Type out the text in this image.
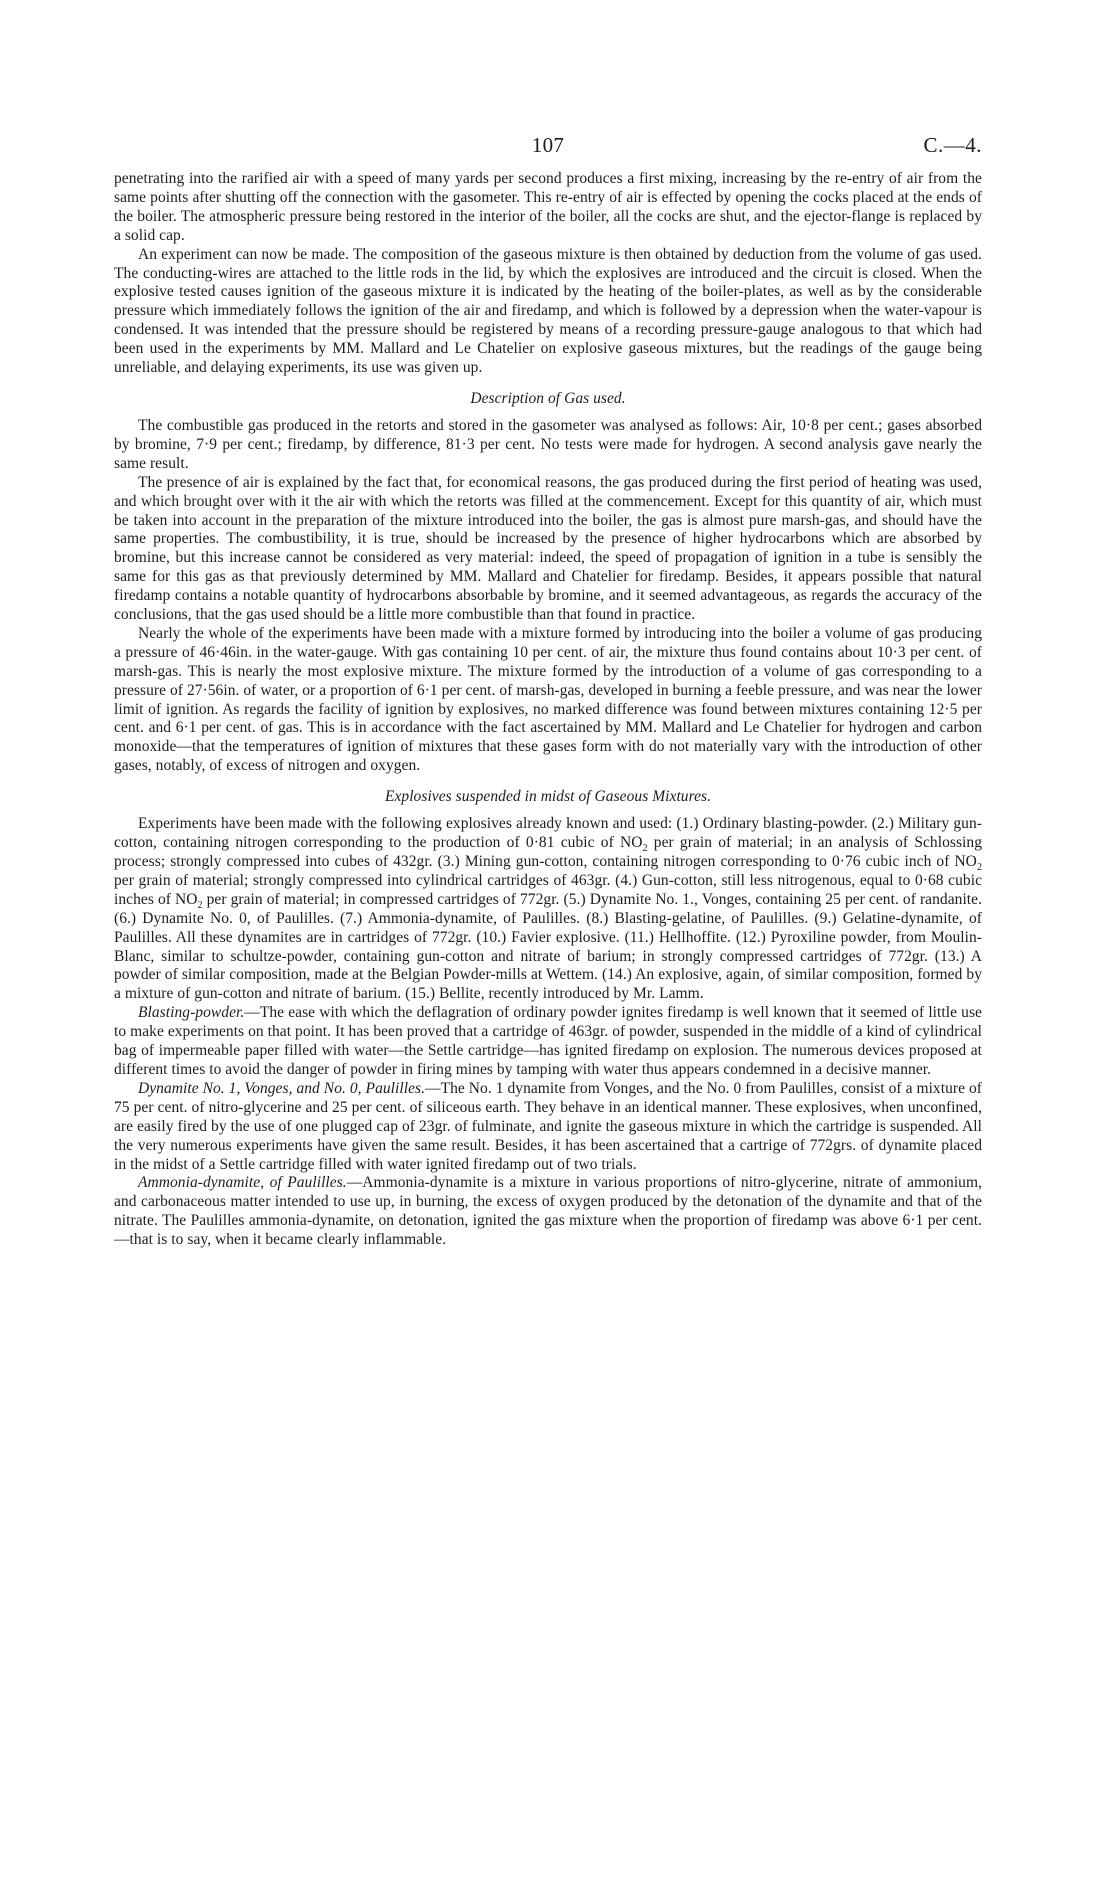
107	C.—4.

penetrating into the rarified air with a speed of many yards per second produces a first mixing, increasing by the re-entry of air from the same points after shutting off the connection with the gasometer. This re-entry of air is effected by opening the cocks placed at the ends of the boiler. The atmospheric pressure being restored in the interior of the boiler, all the cocks are shut, and the ejector-flange is replaced by a solid cap.

An experiment can now be made. The composition of the gaseous mixture is then obtained by deduction from the volume of gas used. The conducting-wires are attached to the little rods in the lid, by which the explosives are introduced and the circuit is closed. When the explosive tested causes ignition of the gaseous mixture it is indicated by the heating of the boiler-plates, as well as by the considerable pressure which immediately follows the ignition of the air and firedamp, and which is followed by a depression when the water-vapour is condensed. It was intended that the pressure should be registered by means of a recording pressure-gauge analogous to that which had been used in the experiments by MM. Mallard and Le Chatelier on explosive gaseous mixtures, but the readings of the gauge being unreliable, and delaying experiments, its use was given up.

Description of Gas used.

The combustible gas produced in the retorts and stored in the gasometer was analysed as follows: Air, 10·8 per cent.; gases absorbed by bromine, 7·9 per cent.; firedamp, by difference, 81·3 per cent. No tests were made for hydrogen. A second analysis gave nearly the same result.

The presence of air is explained by the fact that, for economical reasons, the gas produced during the first period of heating was used, and which brought over with it the air with which the retorts was filled at the commencement. Except for this quantity of air, which must be taken into account in the preparation of the mixture introduced into the boiler, the gas is almost pure marsh-gas, and should have the same properties. The combustibility, it is true, should be increased by the presence of higher hydrocarbons which are absorbed by bromine, but this increase cannot be considered as very material: indeed, the speed of propagation of ignition in a tube is sensibly the same for this gas as that previously determined by MM. Mallard and Chatelier for firedamp. Besides, it appears possible that natural firedamp contains a notable quantity of hydrocarbons absorbable by bromine, and it seemed advantageous, as regards the accuracy of the conclusions, that the gas used should be a little more combustible than that found in practice.

Nearly the whole of the experiments have been made with a mixture formed by introducing into the boiler a volume of gas producing a pressure of 46·46in. in the water-gauge. With gas containing 10 per cent. of air, the mixture thus found contains about 10·3 per cent. of marsh-gas. This is nearly the most explosive mixture. The mixture formed by the introduction of a volume of gas corresponding to a pressure of 27·56in. of water, or a proportion of 6·1 per cent. of marsh-gas, developed in burning a feeble pressure, and was near the lower limit of ignition. As regards the facility of ignition by explosives, no marked difference was found between mixtures containing 12·5 per cent. and 6·1 per cent. of gas. This is in accordance with the fact ascertained by MM. Mallard and Le Chatelier for hydrogen and carbon monoxide—that the temperatures of ignition of mixtures that these gases form with do not materially vary with the introduction of other gases, notably, of excess of nitrogen and oxygen.

Explosives suspended in midst of Gaseous Mixtures.

Experiments have been made with the following explosives already known and used: (1.) Ordinary blasting-powder. (2.) Military gun-cotton, containing nitrogen corresponding to the production of 0·81 cubic of $NO_2$ per grain of material; in an analysis of Schlossing process; strongly compressed into cubes of 432gr. (3.) Mining gun-cotton, containing nitrogen corresponding to 0·76 cubic inch of $NO_2$ per grain of material; strongly compressed into cylindrical cartridges of 463gr. (4.) Gun-cotton, still less nitrogenous, equal to 0·68 cubic inches of $NO_2$ per grain of material; in compressed cartridges of 772gr. (5.) Dynamite No. 1., Vonges, containing 25 per cent. of randanite. (6.) Dynamite No. 0, of Paulilles. (7.) Ammonia-dynamite, of Paulilles. (8.) Blasting-gelatine, of Paulilles. (9.) Gelatine-dynamite, of Paulilles. All these dynamites are in cartridges of 772gr. (10.) Favier explosive. (11.) Hellhoffite. (12.) Pyroxiline powder, from Moulin-Blanc, similar to schultze-powder, containing gun-cotton and nitrate of barium; in strongly compressed cartridges of 772gr. (13.) A powder of similar composition, made at the Belgian Powder-mills at Wettem. (14.) An explosive, again, of similar composition, formed by a mixture of gun-cotton and nitrate of barium. (15.) Bellite, recently introduced by Mr. Lamm.

Blasting-powder.—The ease with which the deflagration of ordinary powder ignites firedamp is well known that it seemed of little use to make experiments on that point. It has been proved that a cartridge of 463gr. of powder, suspended in the middle of a kind of cylindrical bag of impermeable paper filled with water—the Settle cartridge—has ignited firedamp on explosion. The numerous devices proposed at different times to avoid the danger of powder in firing mines by tamping with water thus appears condemned in a decisive manner.

Dynamite No. 1, Vonges, and No. 0, Paulilles.—The No. 1 dynamite from Vonges, and the No. 0 from Paulilles, consist of a mixture of 75 per cent. of nitro-glycerine and 25 per cent. of siliceous earth. They behave in an identical manner. These explosives, when unconfined, are easily fired by the use of one plugged cap of 23gr. of fulminate, and ignite the gaseous mixture in which the cartridge is suspended. All the very numerous experiments have given the same result. Besides, it has been ascertained that a cartrige of 772grs. of dynamite placed in the midst of a Settle cartridge filled with water ignited firedamp out of two trials.

Ammonia-dynamite, of Paulilles.—Ammonia-dynamite is a mixture in various proportions of nitro-glycerine, nitrate of ammonium, and carbonaceous matter intended to use up, in burning, the excess of oxygen produced by the detonation of the dynamite and that of the nitrate. The Paulilles ammonia-dynamite, on detonation, ignited the gas mixture when the proportion of firedamp was above 6·1 per cent.—that is to say, when it became clearly inflammable.
